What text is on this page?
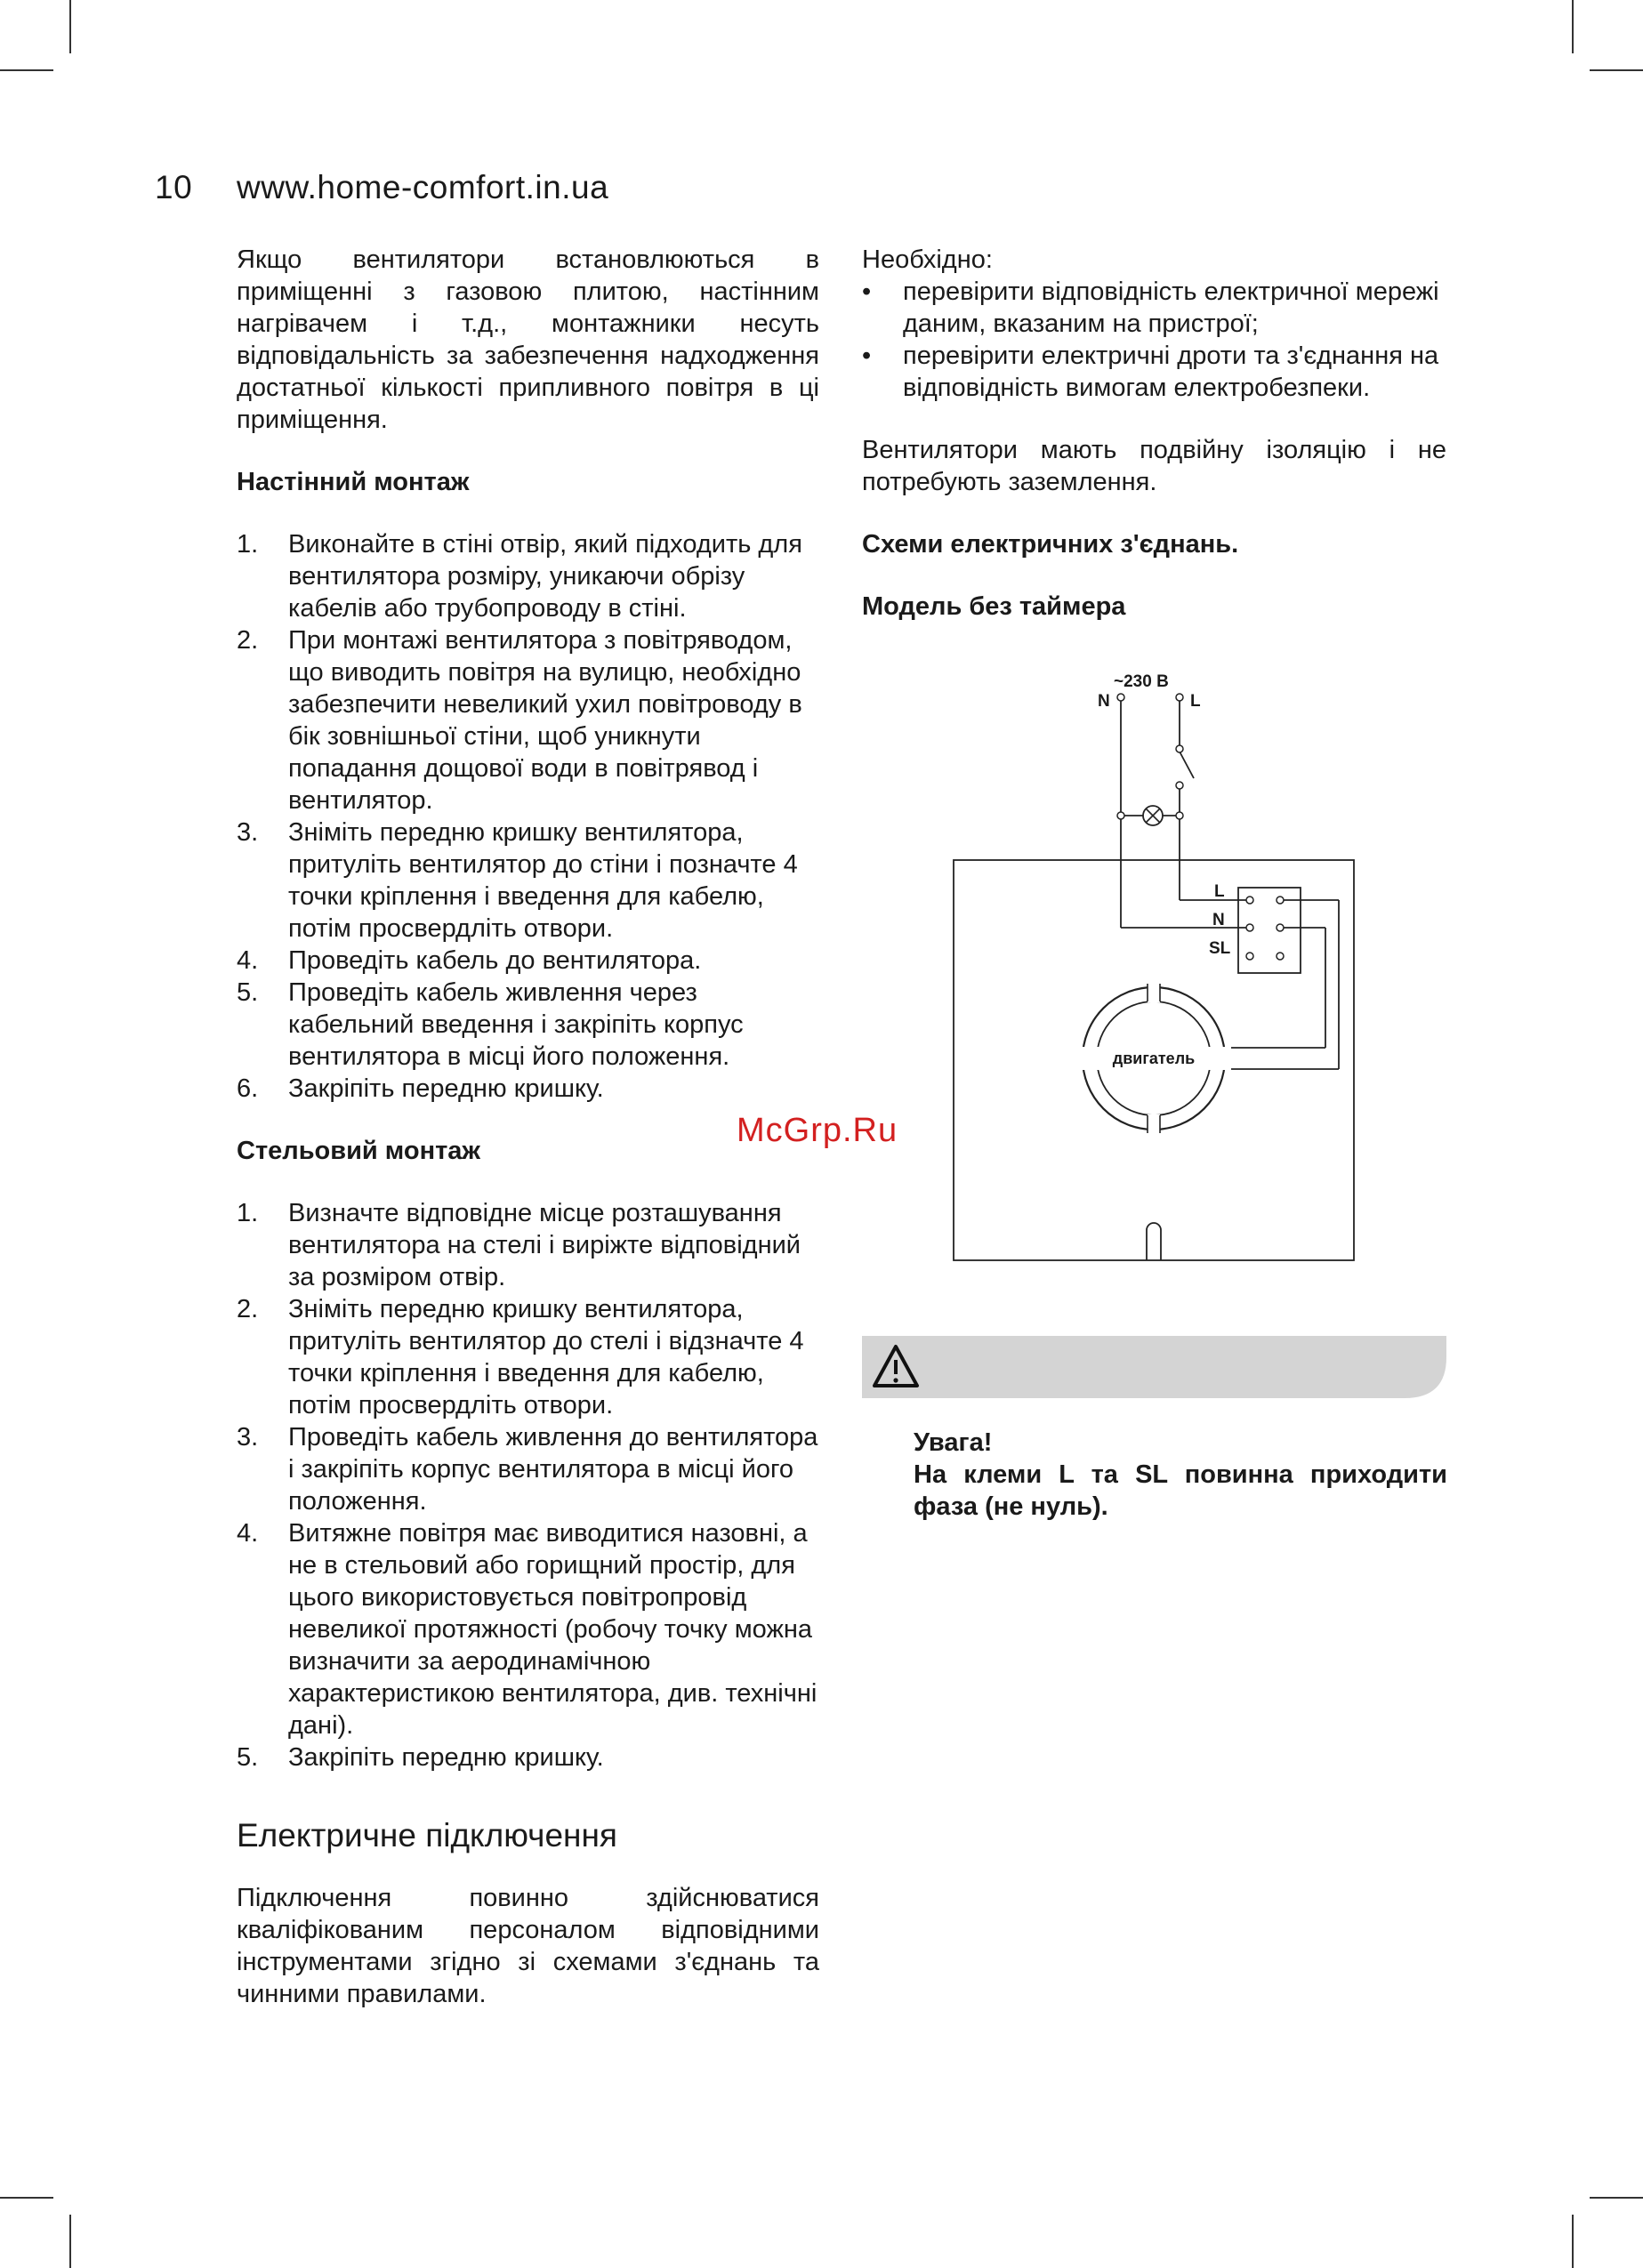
10 www.home-comfort.in.ua

Якщо вентилятори встановлюються в приміщенні з газовою плитою, настінним нагрівачем і т.д., монтажники несуть відповідальність за забезпечення надходження достатньої кількості припливного повітря в ці приміщення.

Настінний монтаж

1. Виконайте в стіні отвір, який підходить для вентилятора розміру, уникаючи обрізу кабелів або трубопроводу в стіні.
2. При монтажі вентилятора з повітряводом, що виводить повітря на вулицю, необхідно забезпечити невеликий ухил повітроводу в бік зовнішньої стіни, щоб уникнути попадання дощової води в повітрявод і вентилятор.
3. Зніміть передню кришку вентилятора, притуліть вентилятор до стіни і позначте 4 точки кріплення і введення для кабелю, потім просвердліть отвори.
4. Проведіть кабель до вентилятора.
5. Проведіть кабель живлення через кабельний введення і закріпіть корпус вентилятора в місці його положення.
6. Закріпіть передню кришку.

Стельовий монтаж

1. Визначте відповідне місце розташування вентилятора на стелі і виріжте відповідний за розміром отвір.
2. Зніміть передню кришку вентилятора, притуліть вентилятор до стелі і відзначте 4 точки кріплення і введення для кабелю, потім просвердліть отвори.
3. Проведіть кабель живлення до вентилятора і закріпіть корпус вентилятора в місці його положення.
4. Витяжне повітря має виводитися назовні, а не в стельовий або горищний простір, для цього використовується повітропровід невеликої протяжності (робочу точку можна визначити за аеродинамічною характеристикою вентилятора, див. технічні дані).
5. Закріпіть передню кришку.
Електричне підключення

Підключення повинно здійснюватися кваліфікованим персоналом відповідними інструментами згідно зі схемами з'єднань та чинними правилами.

Необхідно:

• перевірити відповідність електричної мережі даним, вказаним на пристрої;
• перевірити електричні дроти та з'єднання на відповідність вимогам електробезпеки.

Вентилятори мають подвійну ізоляцію і не потребують заземлення.

Схеми електричних з'єднань.

Модель без таймера

~230 В
N	L
L
N
SL
двигатель
Увага!
На клеми L та SL повинна приходити фаза (не нуль).
McGrp.Ru
